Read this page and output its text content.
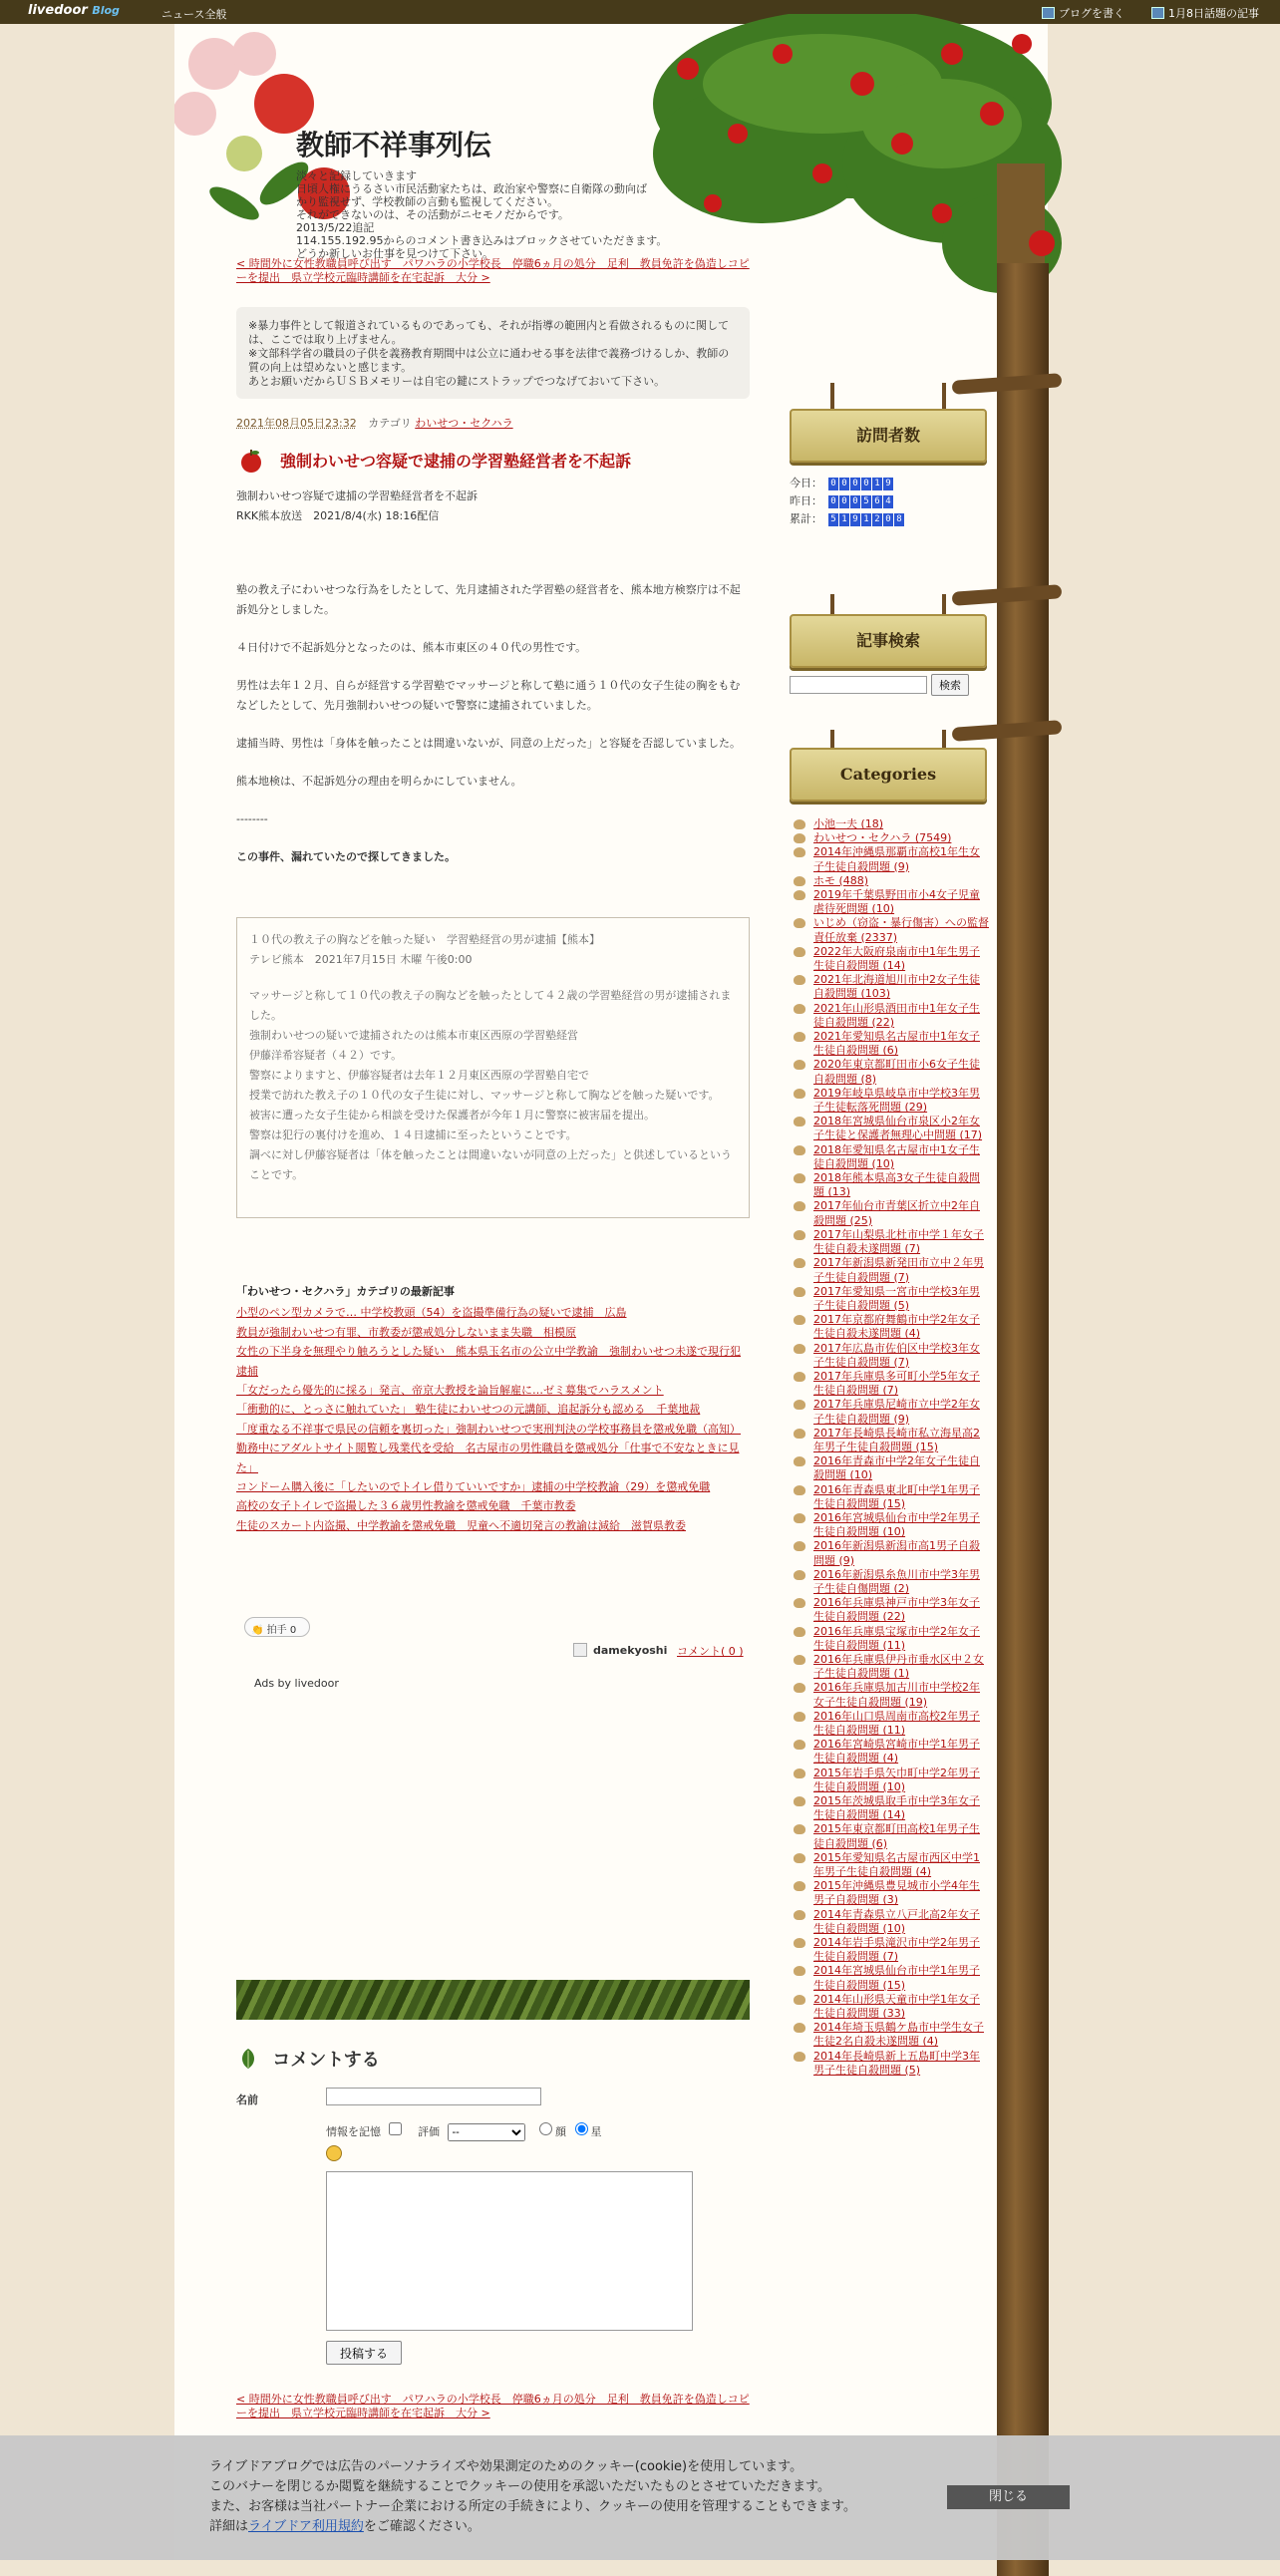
livedoor Blog	ニュース全般	ブログを書く	1月8日話題の記事
教師不祥事列伝
淡々と記録していきます
日頃人権にうるさい市民活動家たちは、政治家や警察に自衛隊の動向ば
かり監視せず、学校教師の言動も監視してください。
それができないのは、その活動がニセモノだからです。
2013/5/22追記
114.155.192.95からのコメント書き込みはブロックさせていただきます。
どうか新しいお仕事を見つけて下さい。
< 時間外に女性教職員呼び出す　パワハラの小学校長　停職6ヵ月の処分　足利　教員免許を偽造しコピーを提出　県立学校元臨時講師を在宅起訴　大分 >
※暴力事件として報道されているものであっても、それが指導の範囲内と看做されるものに関しては、ここでは取り上げません。
※文部科学省の職員の子供を義務教育期間中は公立に通わせる事を法律で義務づけるしか、教師の質の向上は望めないと感じます。
あとお願いだからＵＳＢメモリーは自宅の鍵にストラップでつなげておいて下さい。
2021年08月05日23:32 カテゴリ わいせつ・セクハラ
強制わいせつ容疑で逮捕の学習塾経営者を不起訴

強制わいせつ容疑で逮捕の学習塾経営者を不起訴

RKK熊本放送　2021/8/4(水) 18:16配信

塾の教え子にわいせつな行為をしたとして、先月逮捕された学習塾の経営者を、熊本地方検察庁は不起訴処分としました。

４日付けで不起訴処分となったのは、熊本市東区の４０代の男性です。

男性は去年１２月、自らが経営する学習塾でマッサージと称して塾に通う１０代の女子生徒の胸をもむなどしたとして、先月強制わいせつの疑いで警察に逮捕されていました。

逮捕当時、男性は「身体を触ったことは間違いないが、同意の上だった」と容疑を否認していました。

熊本地検は、不起訴処分の理由を明らかにしていません。

--------

この事件、漏れていたので探してきました。

１０代の教え子の胸などを触った疑い　学習塾経営の男が逮捕【熊本】

テレビ熊本　2021年7月15日 木曜 午後0:00

マッサージと称して１０代の教え子の胸などを触ったとして４２歳の学習塾経営の男が逮捕されました。

強制わいせつの疑いで逮捕されたのは熊本市東区西原の学習塾経営

伊藤洋希容疑者（４２）です。

警察によりますと、伊藤容疑者は去年１２月東区西原の学習塾自宅で

授業で訪れた教え子の１０代の女子生徒に対し、マッサージと称して胸などを触った疑いです。

被害に遭った女子生徒から相談を受けた保護者が今年１月に警察に被害届を提出。

警察は犯行の裏付けを進め、１４日逮捕に至ったということです。

調べに対し伊藤容疑者は「体を触ったことは間違いないが同意の上だった」と供述しているということです。

「わいせつ・セクハラ」カテゴリの最新記事
小型のペン型カメラで… 中学校教頭（54）を盗撮準備行為の疑いで逮捕　広島
教員が強制わいせつ有罪、市教委が懲戒処分しないまま失職　相模原
女性の下半身を無理やり触ろうとした疑い　熊本県玉名市の公立中学教諭　強制わいせつ未遂で現行犯逮捕
「女だったら優先的に採る」発言、帝京大教授を論旨解雇に…ゼミ募集でハラスメント
「衝動的に、とっさに触れていた」 塾生徒にわいせつの元講師、追起訴分も認める　千葉地裁
「度重なる不祥事で県民の信頼を裏切った」強制わいせつで実刑判決の学校事務員を懲戒免職（高知）
勤務中にアダルトサイト閲覧し残業代を受給　名古屋市の男性職員を懲戒処分「仕事で不安なときに見た」
コンドーム購入後に「したいのでトイレ借りていいですか」逮捕の中学校教諭（29）を懲戒免職
高校の女子トイレで盗撮した３６歳男性教諭を懲戒免職　千葉市教委
生徒のスカート内盗撮、中学教諭を懲戒免職　児童へ不適切発言の教諭は減給　滋賀県教委
👏 拍手 0
damekyoshi コメント( 0 )
Ads by livedoor
コメントする
名前
情報を記憶	評価
--	顔 星
投稿する
< 時間外に女性教職員呼び出す　パワハラの小学校長　停職6ヵ月の処分　足利　教員免許を偽造しコピーを提出　県立学校元臨時講師を在宅起訴　大分 >
訪問者数
今日： 0 0 0 0 1 9
昨日： 0 0 0 5 6 4
累計： 5 1 9 1 2 0 8
記事検索
検索
Categories
小池一夫 (18)
わいせつ・セクハラ (7549)
2014年沖縄県那覇市高校1年生女子生徒自殺問題 (9)
ホモ (488)
2019年千葉県野田市小4女子児童虐待死問題 (10)
いじめ（窃盗・暴行傷害）への監督責任放棄 (2337)
2022年大阪府泉南市中1年生男子生徒自殺問題 (14)
2021年北海道旭川市中2女子生徒自殺問題 (103)
2021年山形県酒田市中1年女子生徒自殺問題 (22)
2021年愛知県名古屋市中1年女子生徒自殺問題 (6)
2020年東京都町田市小6女子生徒自殺問題 (8)
2019年岐阜県岐阜市中学校3年男子生徒転落死問題 (29)
2018年宮城県仙台市泉区小2年女子生徒と保護者無理心中問題 (17)
2018年愛知県名古屋市中1女子生徒自殺問題 (10)
2018年熊本県高3女子生徒自殺問題 (13)
2017年仙台市青葉区折立中2年自殺問題 (25)
2017年山梨県北杜市中学１年女子生徒自殺未遂問題 (7)
2017年新潟県新発田市立中２年男子生徒自殺問題 (7)
2017年愛知県一宮市中学校3年男子生徒自殺問題 (5)
2017年京都府舞鶴市中学2年女子生徒自殺未遂問題 (4)
2017年広島市佐伯区中学校3年女子生徒自殺問題 (7)
2017年兵庫県多可町小学5年女子生徒自殺問題 (7)
2017年兵庫県尼崎市立中学2年女子生徒自殺問題 (9)
2017年長崎県長崎市私立海星高2年男子生徒自殺問題 (15)
2016年青森市中学2年女子生徒自殺問題 (10)
2016年青森県東北町中学1年男子生徒自殺問題 (15)
2016年宮城県仙台市中学2年男子生徒自殺問題 (10)
2016年新潟県新潟市高1男子自殺問題 (9)
2016年新潟県糸魚川市中学3年男子生徒自傷問題 (2)
2016年兵庫県神戸市中学3年女子生徒自殺問題 (22)
2016年兵庫県宝塚市中学2年女子生徒自殺問題 (11)
2016年兵庫県伊丹市垂水区中２女子生徒自殺問題 (1)
2016年兵庫県加古川市中学校2年女子生徒自殺問題 (19)
2016年山口県周南市高校2年男子生徒自殺問題 (11)
2016年宮崎県宮崎市中学1年男子生徒自殺問題 (4)
2015年岩手県矢巾町中学2年男子生徒自殺問題 (10)
2015年茨城県取手市中学3年女子生徒自殺問題 (14)
2015年東京都町田高校1年男子生徒自殺問題 (6)
2015年愛知県名古屋市西区中学1年男子生徒自殺問題 (4)
2015年沖縄県豊見城市小学4年生男子自殺問題 (3)
2014年青森県立八戸北高2年女子生徒自殺問題 (10)
2014年岩手県滝沢市中学2年男子生徒自殺問題 (7)
2014年宮城県仙台市中学1年男子生徒自殺問題 (15)
2014年山形県天童市中学1年女子生徒自殺問題 (33)
2014年埼玉県鶴ケ島市中学生女子生徒2名自殺未遂問題 (4)
2014年長崎県新上五島町中学3年男子生徒自殺問題 (5)
ライブドアブログでは広告のパーソナライズや効果測定のためのクッキー(cookie)を使用しています。
このバナーを閉じるか閲覧を継続することでクッキーの使用を承認いただいたものとさせていただきます。
また、お客様は当社パートナー企業における所定の手続きにより、クッキーの使用を管理することもできます。
詳細はライブドア利用規約をご確認ください。
閉じる
